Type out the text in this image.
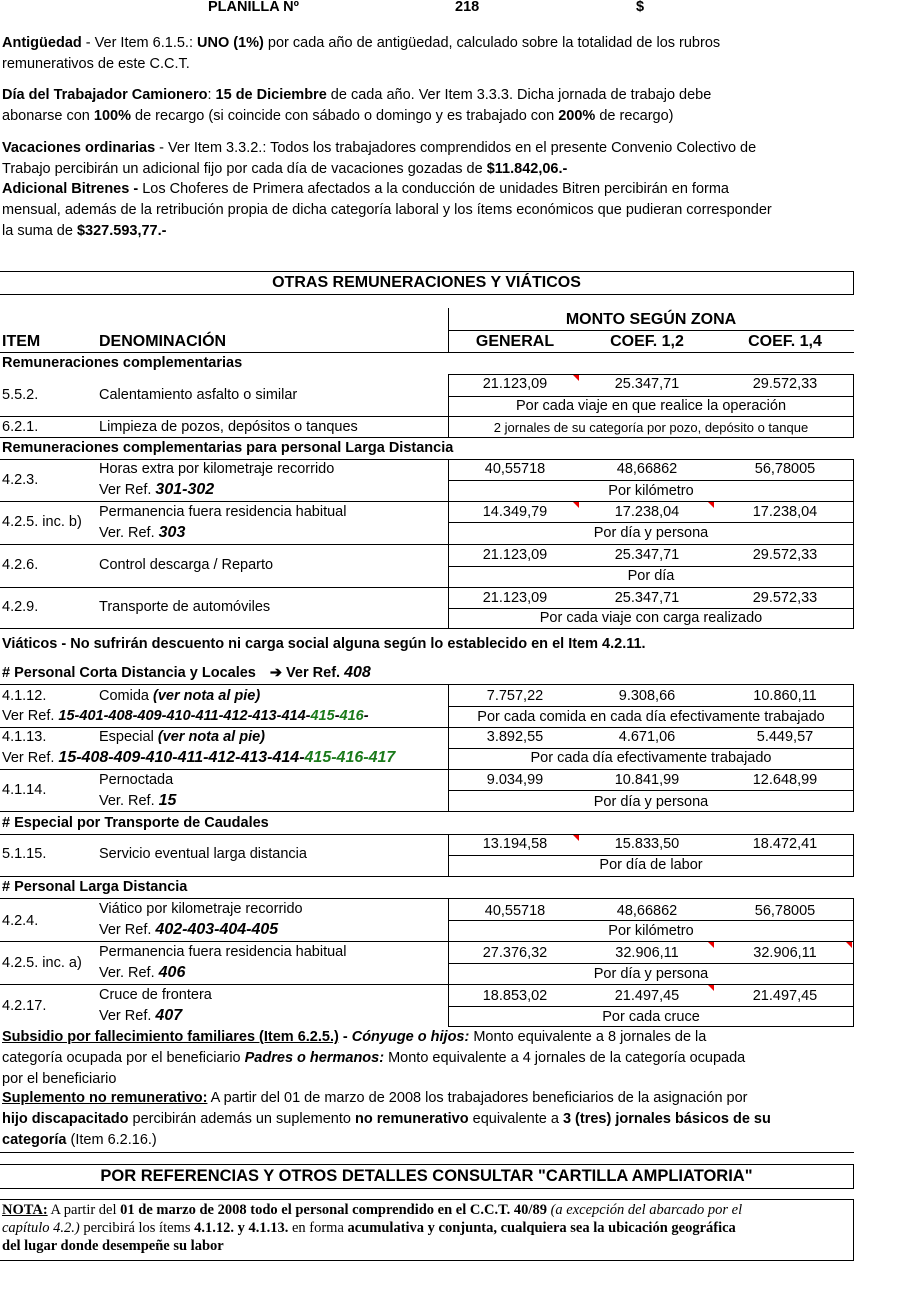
PLANILLA Nº	218	$
Antigüedad - Ver Item 6.1.5.: UNO (1%) por cada año de antigüedad, calculado sobre la totalidad de los rubros
remunerativos de este C.C.T.
Día del Trabajador Camionero: 15 de Diciembre de cada año. Ver Item 3.3.3. Dicha jornada de trabajo debe
abonarse con 100% de recargo (si coincide con sábado o domingo y es trabajado con 200% de recargo)
Vacaciones ordinarias - Ver Item 3.3.2.: Todos los trabajadores comprendidos en el presente Convenio Colectivo de
Trabajo percibirán un adicional fijo por cada día de vacaciones gozadas de $11.842,06.-
Adicional Bitrenes - Los Choferes de Primera afectados a la conducción de unidades Bitren percibirán en forma
mensual, además de la retribución propia de dicha categoría laboral y los ítems económicos que pudieran corresponder
la suma de $327.593,77.-
OTRAS REMUNERACIONES Y VIÁTICOS
MONTO SEGÚN ZONA
ITEM	DENOMINACIÓN	GENERAL	COEF. 1,2	COEF. 1,4
Remuneraciones complementarias
5.5.2.	Calentamiento asfalto o similar
21.123,09	25.347,71	29.572,33
Por cada viaje en que realice la operación
6.2.1.	Limpieza de pozos, depósitos o tanques	2 jornales de su categoría por pozo, depósito o tanque
Remuneraciones complementarias para personal Larga Distancia
4.2.3.
Horas extra por kilometraje recorrido
Ver Ref. 301-302
40,55718	48,66862	56,78005
Por kilómetro
4.2.5. inc. b)
Permanencia fuera residencia habitual
Ver. Ref. 303
14.349,79	17.238,04	17.238,04
Por día y persona
4.2.6.	Control descarga / Reparto
21.123,09	25.347,71	29.572,33
Por día
4.2.9.	Transporte de automóviles
21.123,09	25.347,71	29.572,33
Por cada viaje con carga realizado
Viáticos - No sufrirán descuento ni carga social alguna según lo establecido en el Item 4.2.11.
# Personal Corta Distancia y Locales ➔ Ver Ref. 408
4.1.12.	Comida (ver nota al pie)
Ver Ref. 15-401-408-409-410-411-412-413-414-415-416-
7.757,22	9.308,66	10.860,11
Por cada comida en cada día efectivamente trabajado
4.1.13.	Especial (ver nota al pie)
Ver Ref. 15-408-409-410-411-412-413-414-415-416-417
3.892,55	4.671,06	5.449,57
Por cada día efectivamente trabajado
4.1.14.
Pernoctada
Ver. Ref. 15
9.034,99	10.841,99	12.648,99
Por día y persona
# Especial por Transporte de Caudales
5.1.15.	Servicio eventual larga distancia
13.194,58	15.833,50	18.472,41
Por día de labor
# Personal Larga Distancia
4.2.4.
Viático por kilometraje recorrido
Ver Ref. 402-403-404-405
40,55718	48,66862	56,78005
Por kilómetro
4.2.5. inc. a)
Permanencia fuera residencia habitual
Ver. Ref. 406
27.376,32	32.906,11	32.906,11
Por día y persona
4.2.17.
Cruce de frontera
Ver Ref. 407
18.853,02	21.497,45	21.497,45
Por cada cruce
Subsidio por fallecimiento familiares (Item 6.2.5.) - Cónyuge o hijos: Monto equivalente a 8 jornales de la
categoría ocupada por el beneficiario Padres o hermanos: Monto equivalente a 4 jornales de la categoría ocupada
por el beneficiario
Suplemento no remunerativo: A partir del 01 de marzo de 2008 los trabajadores beneficiarios de la asignación por
hijo discapacitado percibirán además un suplemento no remunerativo equivalente a 3 (tres) jornales básicos de su
categoría (Item 6.2.16.)
POR REFERENCIAS Y OTROS DETALLES CONSULTAR "CARTILLA AMPLIATORIA"
NOTA: A partir del 01 de marzo de 2008 todo el personal comprendido en el C.C.T. 40/89 (a excepción del abarcado por el
capítulo 4.2.) percibirá los ítems 4.1.12. y 4.1.13. en forma acumulativa y conjunta, cualquiera sea la ubicación geográfica
del lugar donde desempeñe su labor
